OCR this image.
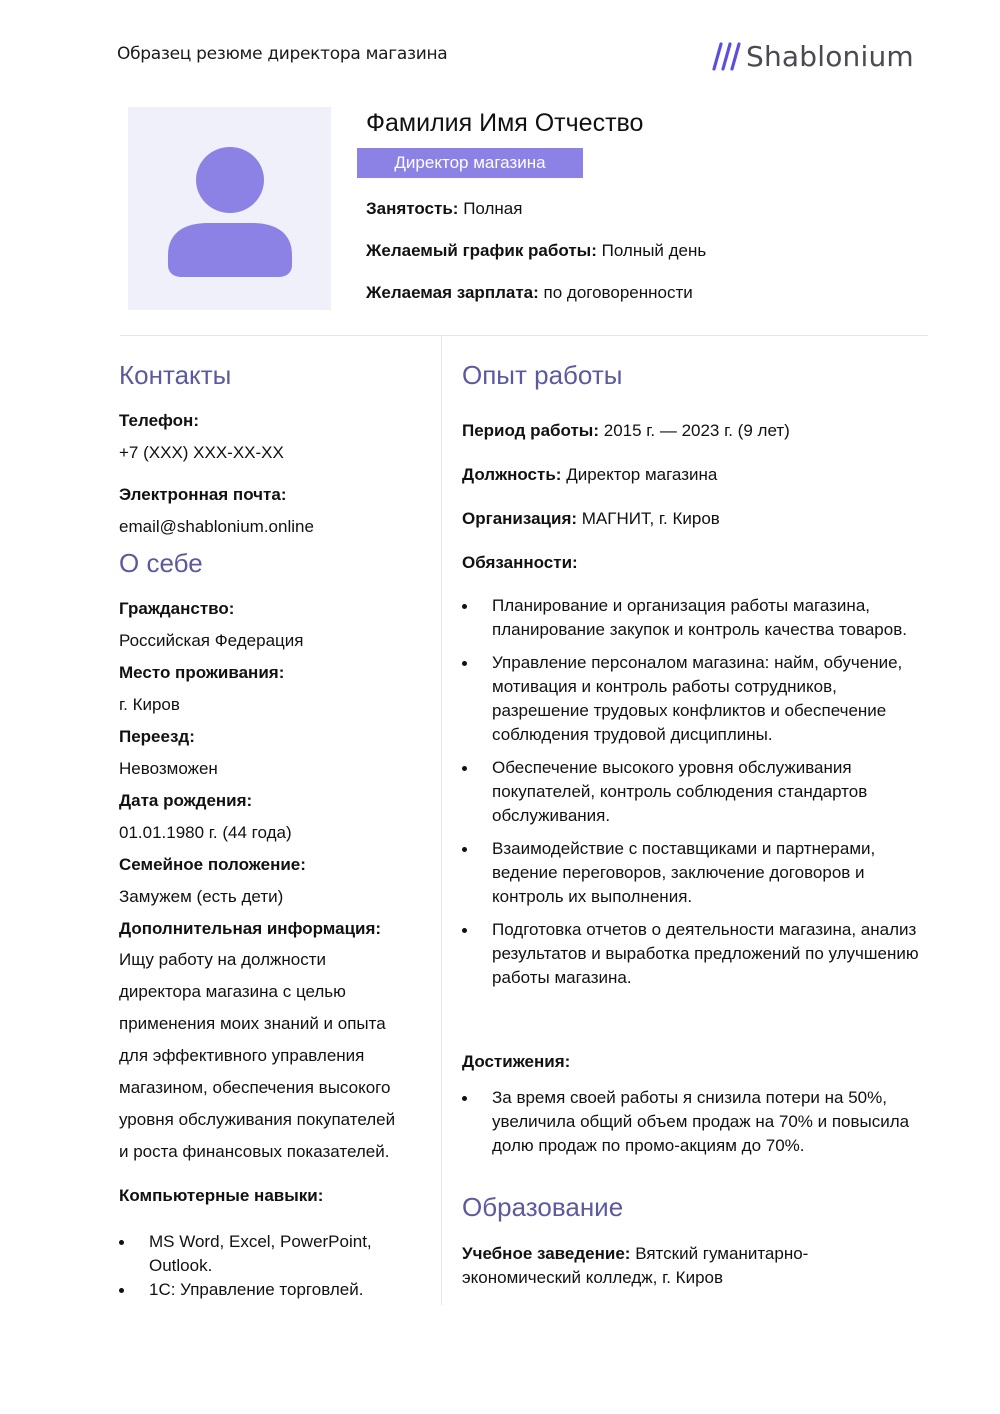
Образец резюме директора магазина	Shablonium
Фамилия Имя Отчество
Директор магазина
Занятость: Полная
Желаемый график работы: Полный день
Желаемая зарплата: по договоренности
Контакты
Телефон:
+7 (XXX) XXX-XX-XX
Электронная почта:
email@shablonium.online
О себе
Гражданство:
Российская Федерация
Место проживания:
г. Киров
Переезд:
Невозможен
Дата рождения:
01.01.1980 г. (44 года)
Семейное положение:
Замужем (есть дети)
Дополнительная информация:
Ищу работу на должности
директора магазина с целью
применения моих знаний и опыта
для эффективного управления
магазином, обеспечения высокого
уровня обслуживания покупателей
и роста финансовых показателей.
Компьютерные навыки:
MS Word, Excel, PowerPoint, Outlook.
1С: Управление торговлей.
Опыт работы
Период работы: 2015 г. — 2023 г. (9 лет)
Должность: Директор магазина
Организация: МАГНИТ, г. Киров
Обязанности:
Планирование и организация работы магазина, планирование закупок и контроль качества товаров.
Управление персоналом магазина: найм, обучение, мотивация и контроль работы сотрудников, разрешение трудовых конфликтов и обеспечение соблюдения трудовой дисциплины.
Обеспечение высокого уровня обслуживания покупателей, контроль соблюдения стандартов обслуживания.
Взаимодействие с поставщиками и партнерами, ведение переговоров, заключение договоров и контроль их выполнения.
Подготовка отчетов о деятельности магазина, анализ результатов и выработка предложений по улучшению работы магазина.
Достижения:
За время своей работы я снизила потери на 50%, увеличила общий объем продаж на 70% и повысила долю продаж по промо-акциям до 70%.
Образование
Учебное заведение: Вятский гуманитарно-экономический колледж, г. Киров
